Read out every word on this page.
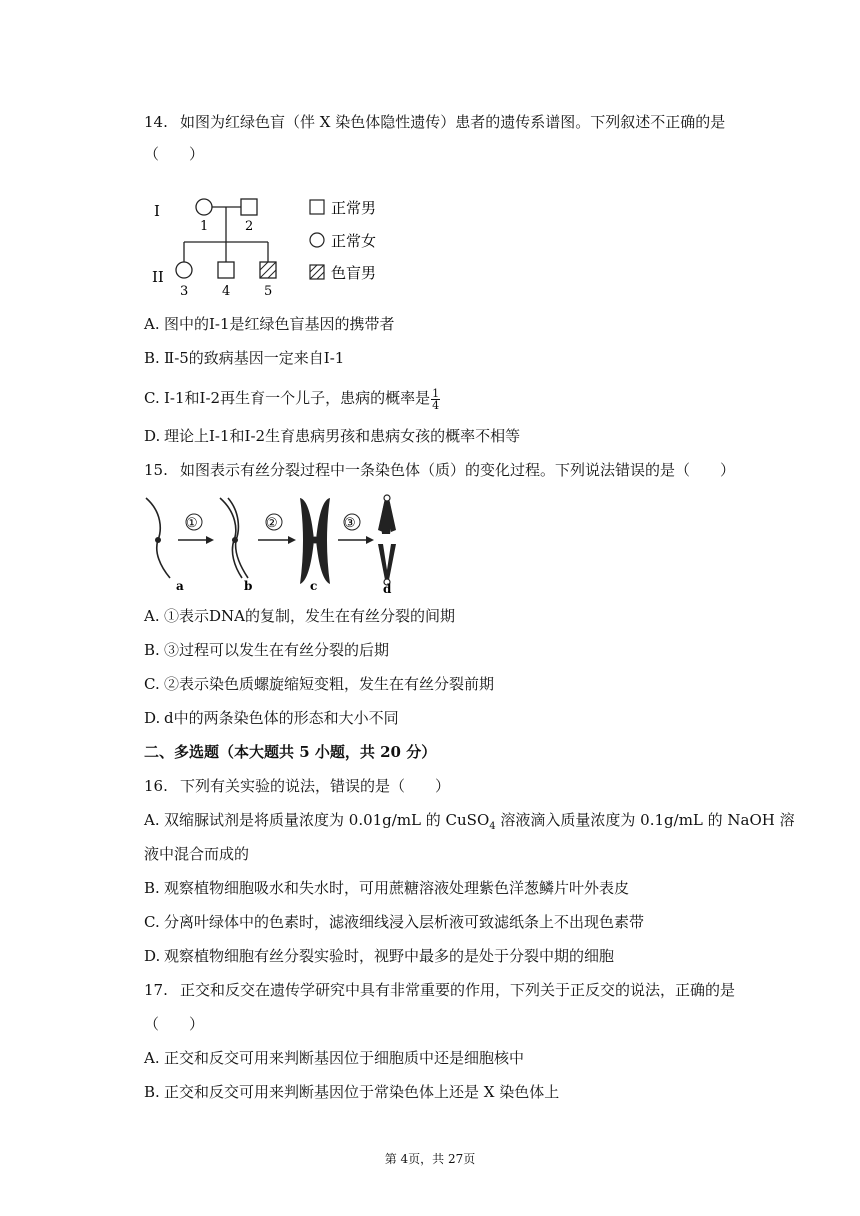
14. 如图为红绿色盲（伴 X 染色体隐性遗传）患者的遗传系谱图。下列叙述不正确的是
（　　）
I
II
1	2
3	4	5
正常男
正常女
色盲男
A. 图中的Ⅰ-1是红绿色盲基因的携带者
B. Ⅱ-5的致病基因一定来自Ⅰ-1
C. Ⅰ-1和Ⅰ-2再生育一个儿子，患病的概率是 $\frac{1}{4}$
D. 理论上Ⅰ-1和Ⅰ-2生育患病男孩和患病女孩的概率不相等
15. 如图表示有丝分裂过程中一条染色体（质）的变化过程。下列说法错误的是（　　）
①	②	③
a	b	c	d
A. ①表示DNA的复制，发生在有丝分裂的间期
B. ③过程可以发生在有丝分裂的后期
C. ②表示染色质螺旋缩短变粗，发生在有丝分裂前期
D. d中的两条染色体的形态和大小不同
二、多选题（本大题共 5 小题，共 20 分）
16. 下列有关实验的说法，错误的是（　　）
A. 双缩脲试剂是将质量浓度为 0.01g/mL 的 CuSO$_4$ 溶液滴入质量浓度为 0.1g/mL 的 NaOH 溶
液中混合而成的
B. 观察植物细胞吸水和失水时，可用蔗糖溶液处理紫色洋葱鳞片叶外表皮
C. 分离叶绿体中的色素时，滤液细线浸入层析液可致滤纸条上不出现色素带
D. 观察植物细胞有丝分裂实验时，视野中最多的是处于分裂中期的细胞
17. 正交和反交在遗传学研究中具有非常重要的作用，下列关于正反交的说法，正确的是
（　　）
A. 正交和反交可用来判断基因位于细胞质中还是细胞核中
B. 正交和反交可用来判断基因位于常染色体上还是 X 染色体上
第 4页，共 27页
